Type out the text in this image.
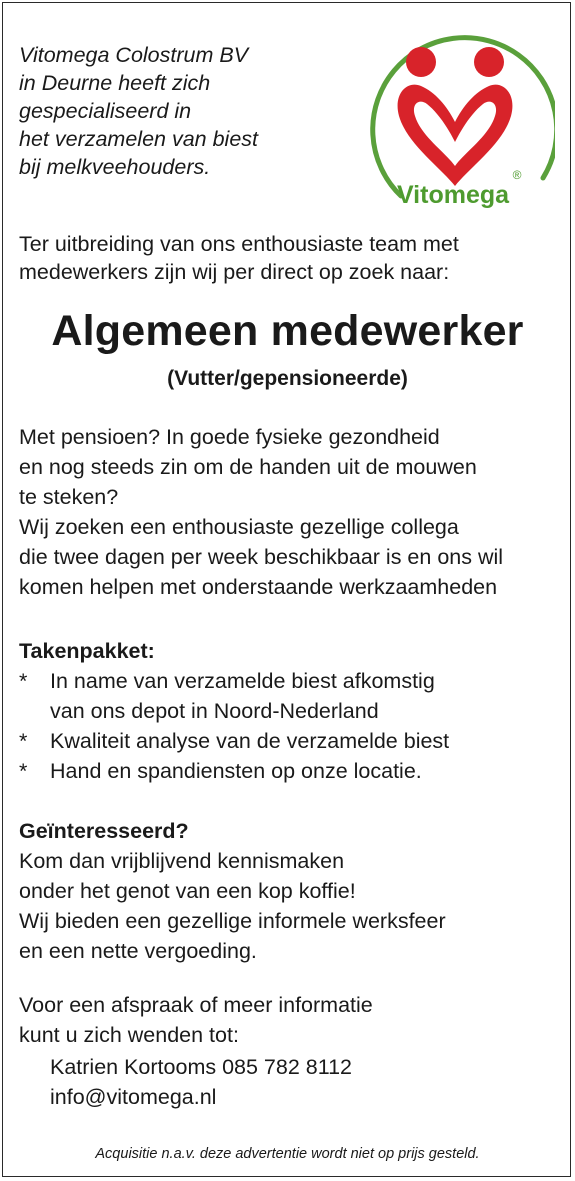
Vitomega Colostrum BV
in Deurne heeft zich
gespecialiseerd in
het verzamelen van biest
bij melkveehouders.

Vitomega
®

Ter uitbreiding van ons enthousiaste team met
medewerkers zijn wij per direct op zoek naar:

Algemeen medewerker

(Vutter/gepensioneerde)

Met pensioen? In goede fysieke gezondheid
en nog steeds zin om de handen uit de mouwen
te steken?
Wij zoeken een enthousiaste gezellige collega
die twee dagen per week beschikbaar is en ons wil
komen helpen met onderstaande werkzaamheden

Takenpakket:

* In name van verzamelde biest afkomstig
van ons depot in Noord-Nederland
* Kwaliteit analyse van de verzamelde biest
* Hand en spandiensten op onze locatie.

Geïnteresseerd?

Kom dan vrijblijvend kennismaken
onder het genot van een kop koffie!
Wij bieden een gezellige informele werksfeer
en een nette vergoeding.

Voor een afspraak of meer informatie
kunt u zich wenden tot:

Katrien Kortooms 085 782 8112
info@vitomega.nl

Acquisitie n.a.v. deze advertentie wordt niet op prijs gesteld.
